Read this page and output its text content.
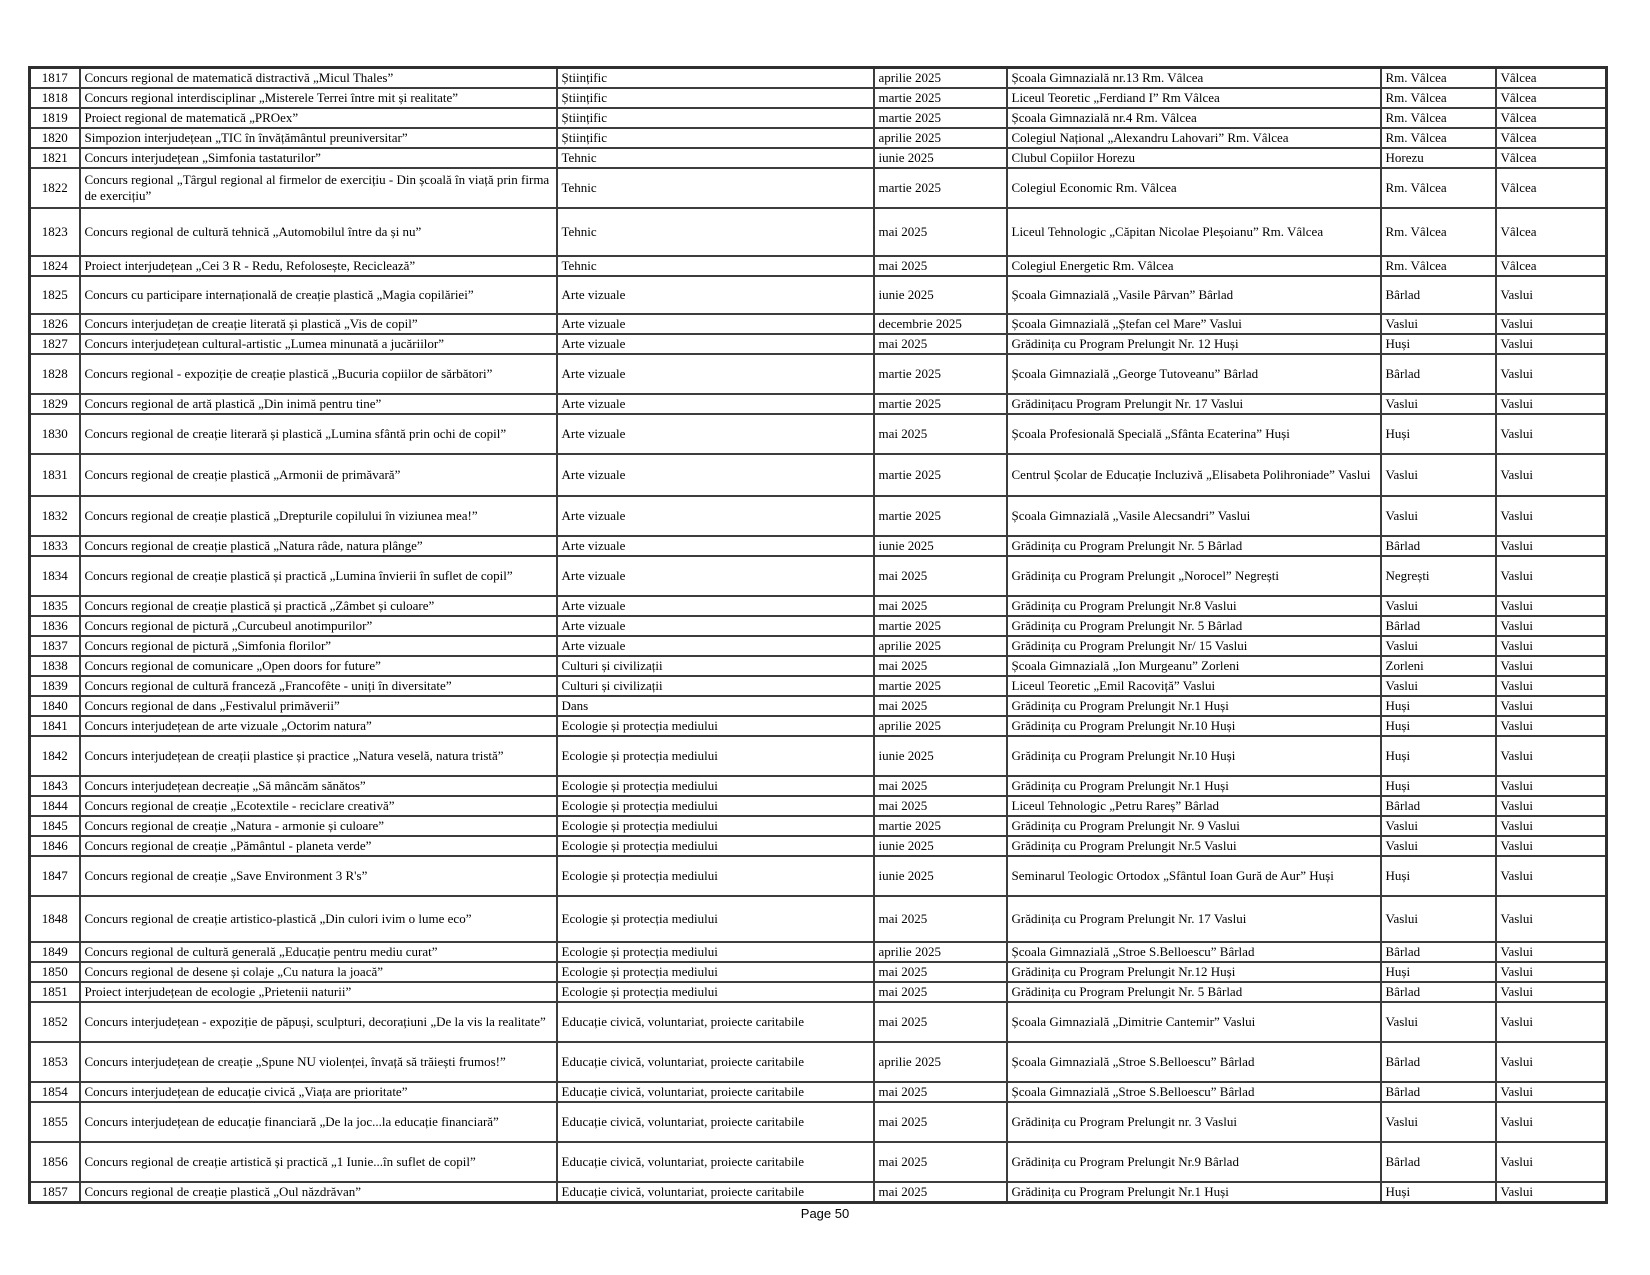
1817	Concurs regional de matematică distractivă „Micul Thales”	Științific	aprilie 2025	Școala Gimnazială nr.13 Rm. Vâlcea	Rm. Vâlcea	Vâlcea
1818	Concurs regional interdisciplinar „Misterele Terrei între mit și realitate”	Științific	martie 2025	Liceul Teoretic „Ferdiand I” Rm Vâlcea	Rm. Vâlcea	Vâlcea
1819	Proiect regional de matematică „PROex”	Științific	martie 2025	Școala Gimnazială nr.4 Rm. Vâlcea	Rm. Vâlcea	Vâlcea
1820	Simpozion interjudețean „TIC în învățământul preuniversitar”	Științific	aprilie 2025	Colegiul Național „Alexandru Lahovari” Rm. Vâlcea	Rm. Vâlcea	Vâlcea
1821	Concurs interjudețean „Simfonia tastaturilor”	Tehnic	iunie 2025	Clubul Copiilor Horezu	Horezu	Vâlcea
1822	Concurs regional „Târgul regional al firmelor de exercițiu - Din școală în viață prin firma de exercițiu”	Tehnic	martie 2025	Colegiul Economic Rm. Vâlcea	Rm. Vâlcea	Vâlcea
1823	Concurs regional de cultură tehnică „Automobilul între da și nu”	Tehnic	mai 2025	Liceul Tehnologic „Căpitan Nicolae Pleșoianu” Rm. Vâlcea	Rm. Vâlcea	Vâlcea
1824	Proiect interjudețean „Cei 3 R - Redu, Refolosește, Reciclează”	Tehnic	mai 2025	Colegiul Energetic Rm. Vâlcea	Rm. Vâlcea	Vâlcea
1825	Concurs cu participare internațională de creație plastică „Magia copilăriei”	Arte vizuale	iunie 2025	Școala Gimnazială „Vasile Pârvan” Bârlad	Bârlad	Vaslui
1826	Concurs interjudețan de creație literată și plastică „Vis de copil”	Arte vizuale	decembrie 2025	Școala Gimnazială „Ștefan cel Mare” Vaslui	Vaslui	Vaslui
1827	Concurs interjudețean cultural-artistic „Lumea minunată a jucăriilor”	Arte vizuale	mai 2025	Grădinița cu Program Prelungit Nr. 12 Huși	Huși	Vaslui
1828	Concurs regional - expoziție de creație plastică „Bucuria copiilor de sărbători”	Arte vizuale	martie 2025	Școala Gimnazială „George Tutoveanu” Bârlad	Bârlad	Vaslui
1829	Concurs regional de artă plastică „Din inimă pentru tine”	Arte vizuale	martie 2025	Grădinițacu Program Prelungit Nr. 17 Vaslui	Vaslui	Vaslui
1830	Concurs regional de creație literară și plastică „Lumina sfântă prin ochi de copil”	Arte vizuale	mai 2025	Școala Profesională Specială „Sfânta Ecaterina” Huși	Huși	Vaslui
1831	Concurs regional de creație plastică „Armonii de primăvară”	Arte vizuale	martie 2025	Centrul Școlar de Educație Incluzivă „Elisabeta Polihroniade” Vaslui	Vaslui	Vaslui
1832	Concurs regional de creație plastică „Drepturile copilului în viziunea mea!”	Arte vizuale	martie 2025	Școala Gimnazială „Vasile Alecsandri” Vaslui	Vaslui	Vaslui
1833	Concurs regional de creație plastică „Natura râde, natura plânge”	Arte vizuale	iunie 2025	Grădinița cu Program Prelungit Nr. 5 Bârlad	Bârlad	Vaslui
1834	Concurs regional de creație plastică și practică „Lumina învierii în suflet de copil”	Arte vizuale	mai 2025	Grădinița cu Program Prelungit „Norocel” Negrești	Negrești	Vaslui
1835	Concurs regional de creație plastică și practică „Zâmbet și culoare”	Arte vizuale	mai 2025	Grădinița cu Program Prelungit Nr.8 Vaslui	Vaslui	Vaslui
1836	Concurs regional de pictură „Curcubeul anotimpurilor”	Arte vizuale	martie 2025	Grădinița cu Program Prelungit Nr. 5 Bârlad	Bârlad	Vaslui
1837	Concurs regional de pictură „Simfonia florilor”	Arte vizuale	aprilie 2025	Grădinița cu Program Prelungit Nr/ 15 Vaslui	Vaslui	Vaslui
1838	Concurs regional de comunicare „Open doors for future”	Culturi și civilizații	mai 2025	Școala Gimnazială „Ion Murgeanu” Zorleni	Zorleni	Vaslui
1839	Concurs regional de cultură franceză „Francofête - uniți în diversitate”	Culturi și civilizații	martie 2025	Liceul Teoretic „Emil Racoviță” Vaslui	Vaslui	Vaslui
1840	Concurs regional de dans „Festivalul primăverii”	Dans	mai 2025	Grădinița cu Program Prelungit Nr.1 Huși	Huși	Vaslui
1841	Concurs interjudețean de arte vizuale „Octorim natura”	Ecologie și protecția mediului	aprilie 2025	Grădinița cu Program Prelungit Nr.10 Huși	Huși	Vaslui
1842	Concurs interjudețean de creații plastice și practice „Natura veselă, natura tristă”	Ecologie și protecția mediului	iunie 2025	Grădinița cu Program Prelungit Nr.10 Huși	Huși	Vaslui
1843	Concurs interjudețean decreație „Să mâncăm sănătos”	Ecologie și protecția mediului	mai 2025	Grădinița cu Program Prelungit Nr.1 Huși	Huși	Vaslui
1844	Concurs regional de creație „Ecotextile - reciclare creativă”	Ecologie și protecția mediului	mai 2025	Liceul Tehnologic „Petru Rareș” Bârlad	Bârlad	Vaslui
1845	Concurs regional de creație „Natura - armonie și culoare”	Ecologie și protecția mediului	martie 2025	Grădinița cu Program Prelungit Nr. 9 Vaslui	Vaslui	Vaslui
1846	Concurs regional de creație „Pământul - planeta verde”	Ecologie și protecția mediului	iunie 2025	Grădinița cu Program Prelungit Nr.5 Vaslui	Vaslui	Vaslui
1847	Concurs regional de creație „Save Environment 3 R's”	Ecologie și protecția mediului	iunie 2025	Seminarul Teologic Ortodox „Sfântul Ioan Gură de Aur” Huși	Huși	Vaslui
1848	Concurs regional de creație artistico-plastică „Din culori ivim o lume eco”	Ecologie și protecția mediului	mai 2025	Grădinița cu Program Prelungit Nr. 17 Vaslui	Vaslui	Vaslui
1849	Concurs regional de cultură generală „Educație pentru mediu curat”	Ecologie și protecția mediului	aprilie 2025	Școala Gimnazială „Stroe S.Belloescu” Bârlad	Bârlad	Vaslui
1850	Concurs regional de desene și colaje „Cu natura la joacă”	Ecologie și protecția mediului	mai 2025	Grădinița cu Program Prelungit Nr.12 Huși	Huși	Vaslui
1851	Proiect interjudețean de ecologie „Prietenii naturii”	Ecologie și protecția mediului	mai 2025	Grădinița cu Program Prelungit Nr. 5 Bârlad	Bârlad	Vaslui
1852	Concurs interjudețean - expoziție de păpuși, sculpturi, decorațiuni „De la vis la realitate”	Educație civică, voluntariat, proiecte caritabile	mai 2025	Școala Gimnazială „Dimitrie Cantemir” Vaslui	Vaslui	Vaslui
1853	Concurs interjudețean de creație „Spune NU violenței, învață să trăiești frumos!”	Educație civică, voluntariat, proiecte caritabile	aprilie 2025	Școala Gimnazială „Stroe S.Belloescu” Bârlad	Bârlad	Vaslui
1854	Concurs interjudețean de educație civică „Viața are prioritate”	Educație civică, voluntariat, proiecte caritabile	mai 2025	Școala Gimnazială „Stroe S.Belloescu” Bârlad	Bârlad	Vaslui
1855	Concurs interjudețean de educație financiară „De la joc...la educație financiară”	Educație civică, voluntariat, proiecte caritabile	mai 2025	Grădinița cu Program Prelungit nr. 3 Vaslui	Vaslui	Vaslui
1856	Concurs regional de creație artistică și practică „1 Iunie...în suflet de copil”	Educație civică, voluntariat, proiecte caritabile	mai 2025	Grădinița cu Program Prelungit Nr.9 Bârlad	Bârlad	Vaslui
1857	Concurs regional de creație plastică „Oul năzdrăvan”	Educație civică, voluntariat, proiecte caritabile	mai 2025	Grădinița cu Program Prelungit Nr.1 Huși	Huși	Vaslui
Page 50
